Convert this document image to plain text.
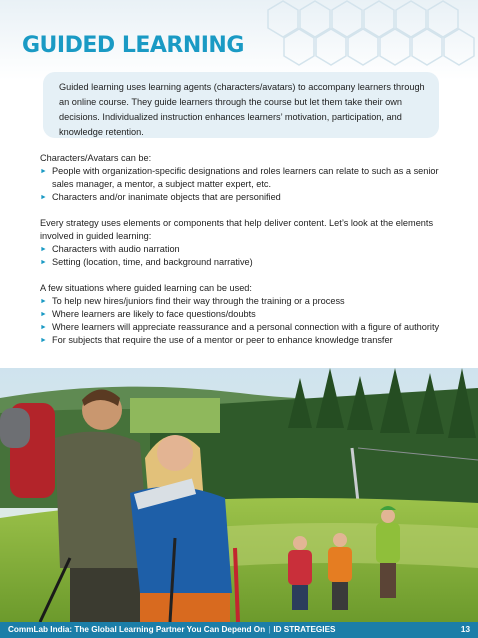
GUIDED LEARNING

Guided learning uses learning agents (characters/avatars) to accompany learners through an online course. They guide learners through the course but let them take their own decisions. Individualized instruction enhances learners’ motivation, participation, and knowledge retention.

Characters/Avatars can be:

► People with organization-specific designations and roles learners can relate to such as a senior sales manager, a mentor, a subject matter expert, etc.
► Characters and/or inanimate objects that are personified

Every strategy uses elements or components that help deliver content. Let’s look at the elements involved in guided learning:

► Characters with audio narration
► Setting (location, time, and background narrative)

A few situations where guided learning can be used:

► To help new hires/juniors find their way through the training or a process
► Where learners are likely to face questions/doubts
► Where learners will appreciate reassurance and a personal connection with a figure of authority
► For subjects that require the use of a mentor or peer to enhance knowledge transfer
CommLab India: The Global Learning Partner You Can Depend On | ID STRATEGIES	13
